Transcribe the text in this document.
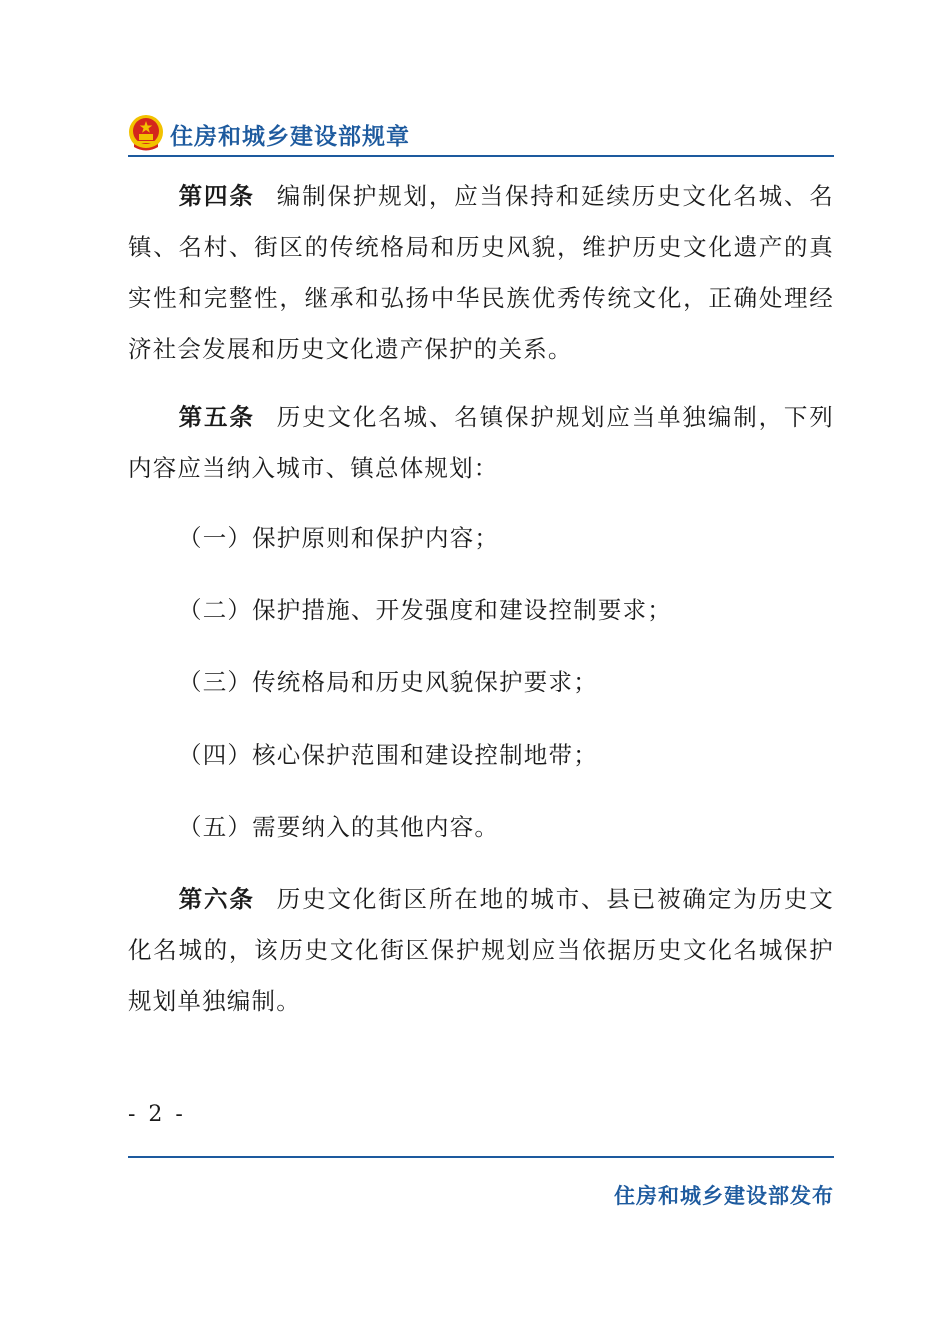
住房和城乡建设部规章

第四条 编制保护规划，应当保持和延续历史文化名城、名镇、名村、街区的传统格局和历史风貌，维护历史文化遗产的真实性和完整性，继承和弘扬中华民族优秀传统文化，正确处理经济社会发展和历史文化遗产保护的关系。

第五条 历史文化名城、名镇保护规划应当单独编制，下列内容应当纳入城市、镇总体规划：

（一）保护原则和保护内容；

（二）保护措施、开发强度和建设控制要求；

（三）传统格局和历史风貌保护要求；

（四）核心保护范围和建设控制地带；

（五）需要纳入的其他内容。

第六条 历史文化街区所在地的城市、县已被确定为历史文化名城的，该历史文化街区保护规划应当依据历史文化名城保护规划单独编制。

- 2 -
住房和城乡建设部发布
